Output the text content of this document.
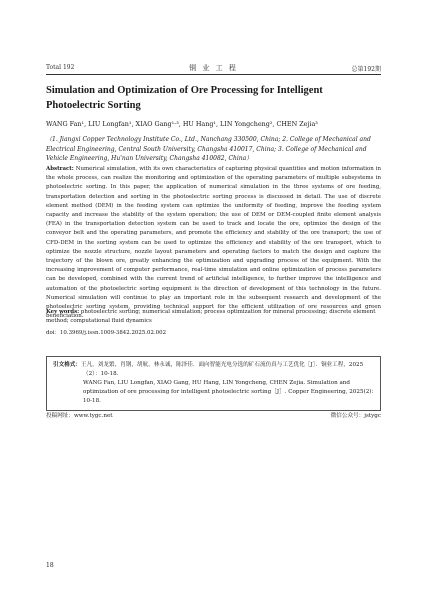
Total 192	铜 业 工 程	总第192期
Simulation and Optimization of Ore Processing for Intelligent Photoelectric Sorting
WANG Fan¹, LIU Longfan¹, XIAO Gang¹·³, HU Hang¹, LIN Yongcheng², CHEN Zejia³
（1. Jiangxi Copper Technology Institute Co., Ltd., Nanchang 330500, China; 2. College of Mechanical and Electrical Engineering, Central South University, Changsha 410017, China; 3. College of Mechanical and Vehicle Engineering, Hu'nan University, Changsha 410082, China）
Abstract: Numerical simulation, with its own characteristics of capturing physical quantities and motion information in the whole process, can realize the monitoring and optimization of the operating parameters of multiple subsystems in photoelectric sorting. In this paper, the application of numerical simulation in the three systems of ore feeding, transportation detection and sorting in the photoelectric sorting process is discussed in detail. The use of discrete element method (DEM) in the feeding system can optimize the uniformity of feeding, improve the feeding system capacity and increase the stability of the system operation; the use of DEM or DEM-coupled finite element analysis (FEA) in the transportation detection system can be used to track and locate the ore, optimize the design of the conveyor belt and the operating parameters, and promote the efficiency and stability of the ore transport; the use of CFD-DEM in the sorting system can be used to optimize the efficiency and stability of the ore transport, which to optimize the nozzle structure, nozzle layout parameters and operating factors to match the design and capture the trajectory of the blown ore, greatly enhancing the optimization and upgrading process of the equipment. With the increasing improvement of computer performance, real-time simulation and online optimization of process parameters can be developed, combined with the current trend of artificial intelligence, to further improve the intelligence and automation of the photoelectric sorting equipment is the direction of development of this technology in the future. Numerical simulation will continue to play an important role in the subsequent research and development of the photoelectric sorting system, providing technical support for the efficient utilization of ore resources and green beneficiation.
Key words: photoelectric sorting; numerical simulation; process optimization for mineral processing; discrete element method; computational fluid dynamics
doi：10.3969/j.issn.1009-3842.2025.02.002
引文格式：王凡，刘龙繁，肖钢，胡航，林永诚，陈泽佳．面向智能光电分选的矿石流仿真与工艺优化［J］．铜业工程，2025（2）：10-18.
WANG Fan, LIU Longfan, XIAO Gang, HU Hang, LIN Yongcheng, CHEN Zejia. Simulation and optimization of ore processing for intelligent photoelectric sorting［J］. Copper Engineering, 2025(2): 10-18.
投稿网址：www.tygc.net	微信公众号：jstygc
18
